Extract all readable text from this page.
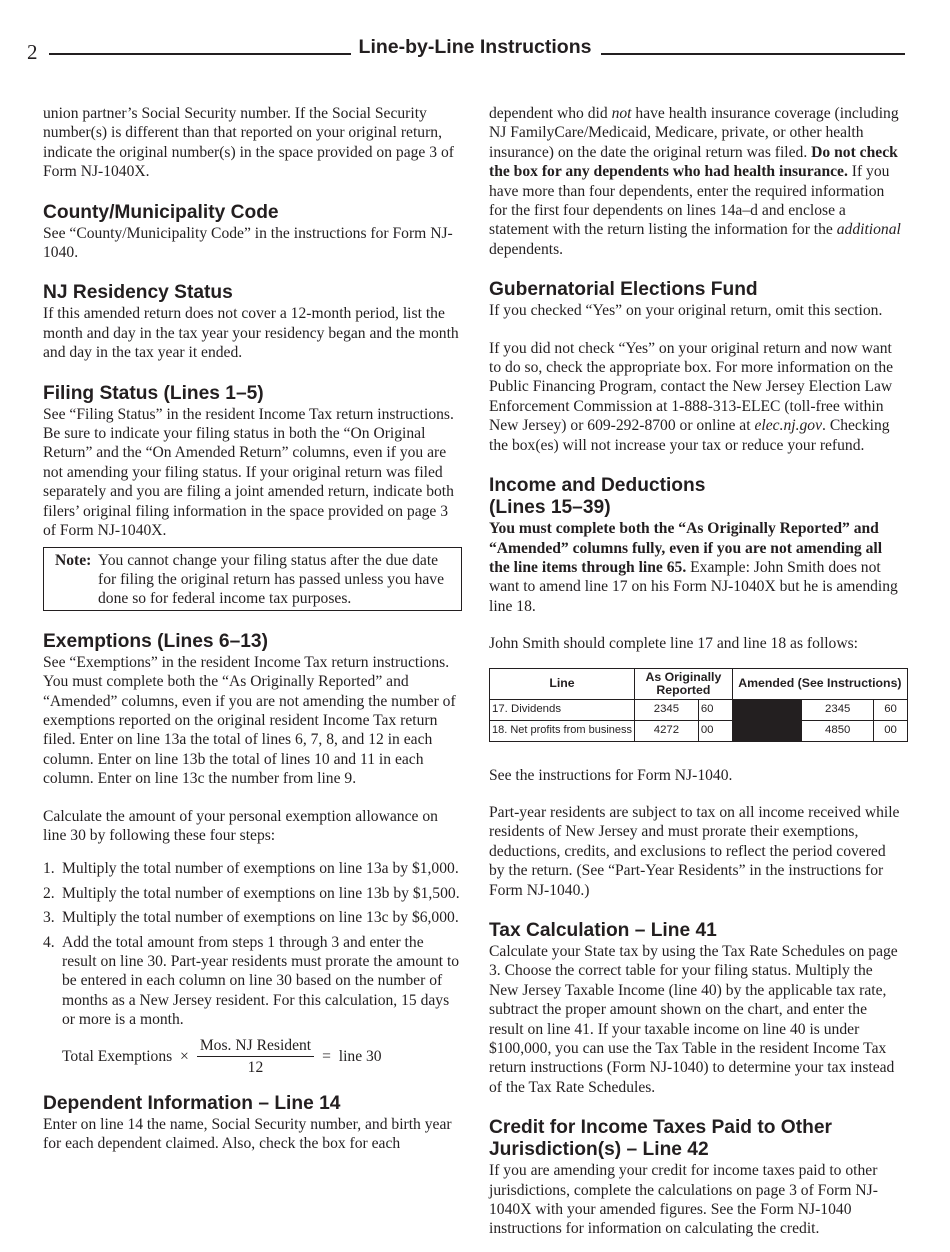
2	Line-by-Line Instructions

union partner’s Social Security number. If the Social Security number(s) is different than that reported on your original return, indicate the original number(s) in the space provided on page 3 of Form NJ-1040X.

County/Municipality Code

See “County/Municipality Code” in the instructions for Form NJ-1040.

NJ Residency Status

If this amended return does not cover a 12-month period, list the month and day in the tax year your residency began and the month and day in the tax year it ended.

Filing Status (Lines 1–5)

See “Filing Status” in the resident Income Tax return instructions. Be sure to indicate your filing status in both the “On Original Return” and the “On Amended Return” columns, even if you are not amending your filing status. If your original return was filed separately and you are filing a joint amended return, indicate both filers’ original filing information in the space provided on page 3 of Form NJ-1040X.

Note: You cannot change your filing status after the due date for filing the original return has passed unless you have done so for federal income tax purposes.
Exemptions (Lines 6–13)

See “Exemptions” in the resident Income Tax return instructions. You must complete both the “As Originally Reported” and “Amended” columns, even if you are not amending the number of exemptions reported on the original resident Income Tax return filed. Enter on line 13a the total of lines 6, 7, 8, and 12 in each column. Enter on line 13b the total of lines 10 and 11 in each column. Enter on line 13c the number from line 9.

Calculate the amount of your personal exemption allowance on line 30 by following these four steps:

1. Multiply the total number of exemptions on line 13a by $1,000.
2. Multiply the total number of exemptions on line 13b by $1,500.
3. Multiply the total number of exemptions on line 13c by $6,000.
4. Add the total amount from steps 1 through 3 and enter the result on line 30. Part-year residents must prorate the amount to be entered in each column on line 30 based on the number of months as a New Jersey resident. For this calculation, 15 days or more is a month.
Total Exemptions  × $\frac{\text{Mos. NJ Resident}}{12}$ =  line 30
Dependent Information – Line 14

Enter on line 14 the name, Social Security number, and birth year for each dependent claimed. Also, check the box for each

dependent who did not have health insurance coverage (including NJ FamilyCare/Medicaid, Medicare, private, or other health insurance) on the date the original return was filed. Do not check the box for any dependents who had health insurance. If you have more than four dependents, enter the required information for the first four dependents on lines 14a–d and enclose a statement with the return listing the information for the additional dependents.

Gubernatorial Elections Fund

If you checked “Yes” on your original return, omit this section.

If you did not check “Yes” on your original return and now want to do so, check the appropriate box. For more information on the Public Financing Program, contact the New Jersey Election Law Enforcement Commission at 1-888-313-ELEC (toll-free within New Jersey) or 609-292-8700 or online at elec.nj.gov. Checking the box(es) will not increase your tax or reduce your refund.

Income and Deductions
(Lines 15–39)

You must complete both the “As Originally Reported” and “Amended” columns fully, even if you are not amending all the line items through line 65. Example: John Smith does not want to amend line 17 on his Form NJ-1040X but he is amending line 18.

John Smith should complete line 17 and line 18 as follows:

Line	As Originally Reported		Amended (See Instructions)		
17. Dividends	2345	60		2345	60
18. Net profits from business	4272	00		4850	00

See the instructions for Form NJ-1040.

Part-year residents are subject to tax on all income received while residents of New Jersey and must prorate their exemptions, deductions, credits, and exclusions to reflect the period covered by the return. (See “Part-Year Residents” in the instructions for Form NJ-1040.)

Tax Calculation – Line 41

Calculate your State tax by using the Tax Rate Schedules on page 3. Choose the correct table for your filing status. Multiply the New Jersey Taxable Income (line 40) by the applicable tax rate, subtract the proper amount shown on the chart, and enter the result on line 41. If your taxable income on line 40 is under $100,000, you can use the Tax Table in the resident Income Tax return instructions (Form NJ-1040) to determine your tax instead of the Tax Rate Schedules.

Credit for Income Taxes Paid to Other
Jurisdiction(s) – Line 42

If you are amending your credit for income taxes paid to other jurisdictions, complete the calculations on page 3 of Form NJ-1040X with your amended figures. See the Form NJ-1040 instructions for information on calculating the credit.
